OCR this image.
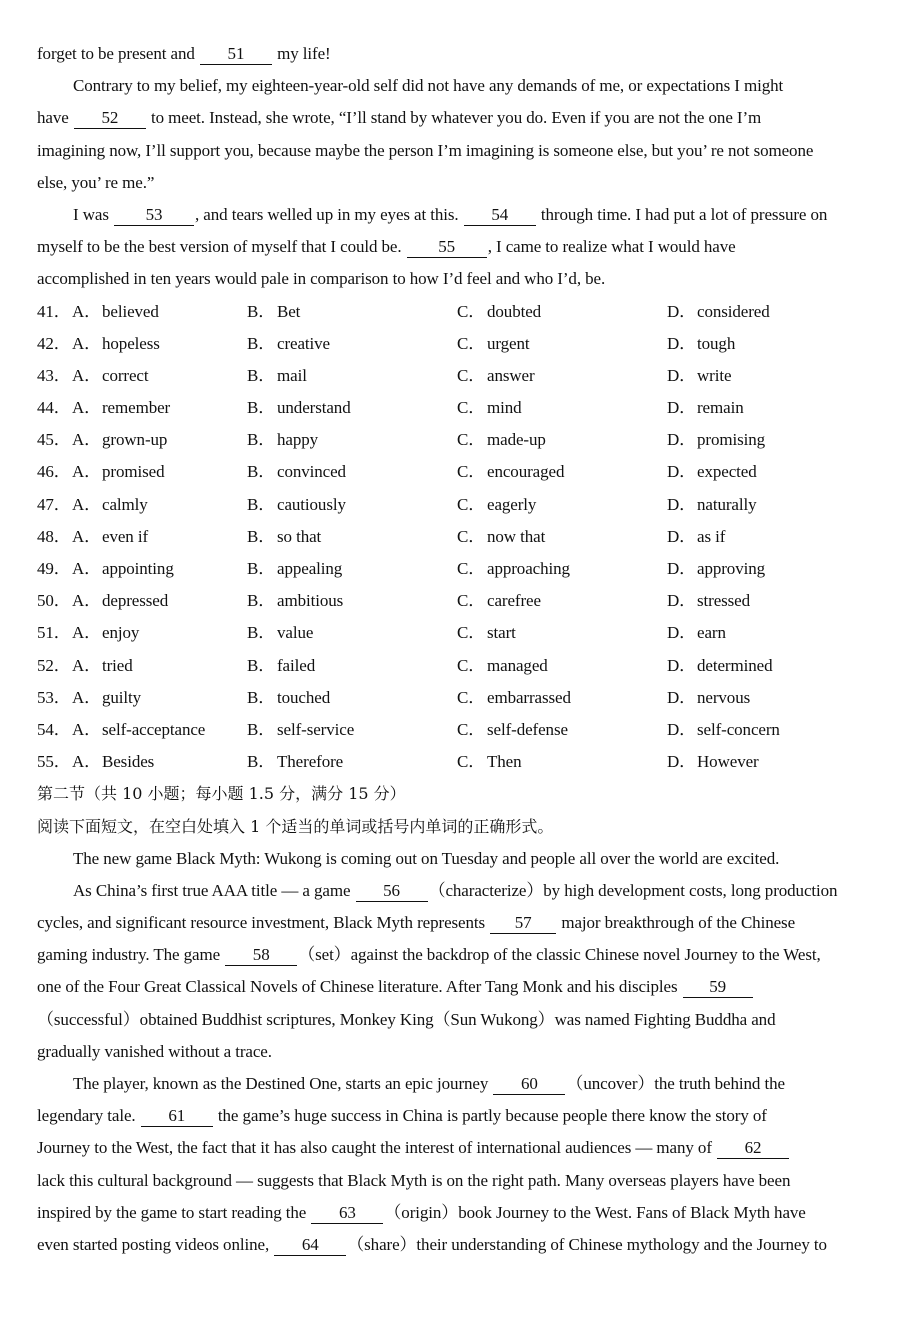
forget to be present and 51 my life!
Contrary to my belief, my eighteen-year-old self did not have any demands of me, or expectations I might
have 52 to meet. Instead, she wrote, “I’ll stand by whatever you do. Even if you are not the one I’m
imagining now, I’ll support you, because maybe the person I’m imagining is someone else, but you’ re not someone
else, you’ re me.”
I was 53 , and tears welled up in my eyes at this. 54 through time. I had put a lot of pressure on
myself to be the best version of myself that I could be. 55 , I came to realize what I would have
accomplished in ten years would pale in comparison to how I’d feel and who I’d, be.
41． A． believed	B． Bet	C． doubted	D． considered
42． A． hopeless	B． creative	C． urgent	D． tough
43． A． correct	B． mail	C． answer	D． write
44． A． remember	B． understand	C． mind	D． remain
45． A． grown-up	B． happy	C． made-up	D． promising
46． A． promised	B． convinced	C． encouraged	D． expected
47． A． calmly	B． cautiously	C． eagerly	D． naturally
48． A． even if	B． so that	C． now that	D． as if
49． A． appointing	B． appealing	C． approaching	D． approving
50． A． depressed	B． ambitious	C． carefree	D． stressed
51． A． enjoy	B． value	C． start	D． earn
52． A． tried	B． failed	C． managed	D． determined
53． A． guilty	B． touched	C． embarrassed	D． nervous
54． A． self-acceptance B． self-service	C． self-defense	D． self-concern
55． A． Besides	B． Therefore	C． Then	D． However
第二节（共 10 小题；每小题 1.5 分，满分 15 分）
阅读下面短文，在空白处填入 1 个适当的单词或括号内单词的正确形式。
The new game Black Myth: Wukong is coming out on Tuesday and people all over the world are excited.
As China’s first true AAA title — a game 56 （characterize）by high development costs, long production
cycles, and significant resource investment, Black Myth represents 57 major breakthrough of the Chinese
gaming industry. The game 58 （set）against the backdrop of the classic Chinese novel Journey to the West,
one of the Four Great Classical Novels of Chinese literature. After Tang Monk and his disciples 59
（successful）obtained Buddhist scriptures, Monkey King（Sun Wukong）was named Fighting Buddha and
gradually vanished without a trace.
The player, known as the Destined One, starts an epic journey 60 （uncover）the truth behind the
legendary tale. 61 the game’s huge success in China is partly because people there know the story of
Journey to the West, the fact that it has also caught the interest of international audiences — many of 62
lack this cultural background — suggests that Black Myth is on the right path. Many overseas players have been
inspired by the game to start reading the 63 （origin）book Journey to the West. Fans of Black Myth have
even started posting videos online, 64 （share）their understanding of Chinese mythology and the Journey to
